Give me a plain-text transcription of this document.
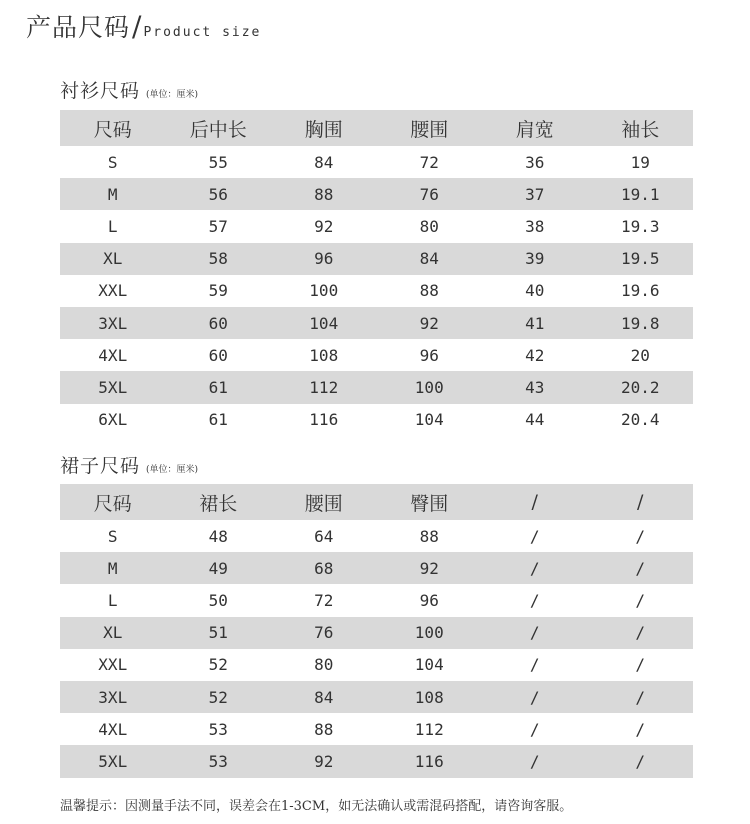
产品尺码 / Product size
衬衫尺码 (单位：厘米)
尺码	后中长	胸围	腰围	肩宽	袖长
S	55	84	72	36	19
M	56	88	76	37	19.1
L	57	92	80	38	19.3
XL	58	96	84	39	19.5
XXL	59	100	88	40	19.6
3XL	60	104	92	41	19.8
4XL	60	108	96	42	20
5XL	61	112	100	43	20.2
6XL	61	116	104	44	20.4
裙子尺码 (单位：厘米)
尺码	裙长	腰围	臀围	/	/
S	48	64	88	/	/
M	49	68	92	/	/
L	50	72	96	/	/
XL	51	76	100	/	/
XXL	52	80	104	/	/
3XL	52	84	108	/	/
4XL	53	88	112	/	/
5XL	53	92	116	/	/
温馨提示：因测量手法不同，误差会在1-3CM，如无法确认或需混码搭配，请咨询客服。
